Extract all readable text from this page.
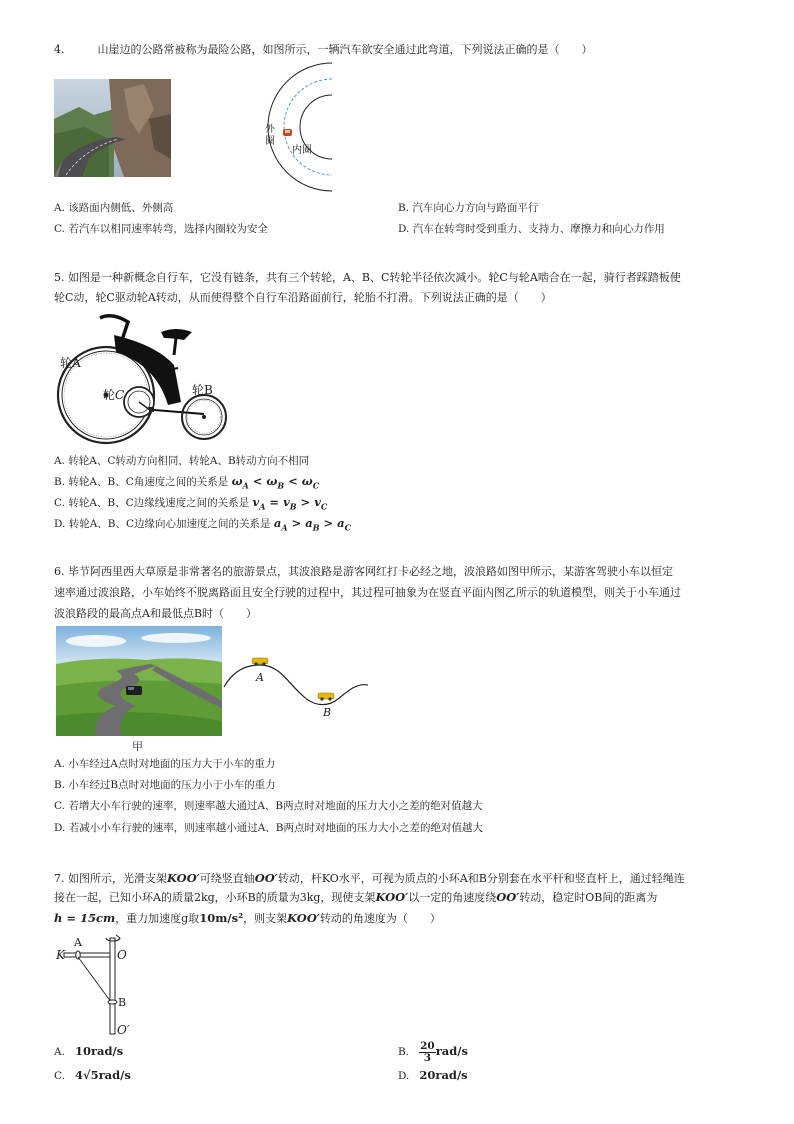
4.　　　山崖边的公路常被称为最险公路，如图所示，一辆汽车欲安全通过此弯道，下列说法正确的是（　　）
外圈
内圈
A. 该路面内侧低、外侧高	B. 汽车向心力方向与路面平行
C. 若汽车以相同速率转弯，选择内圈较为安全	D. 汽车在转弯时受到重力、支持力、摩擦力和向心力作用
5. 如图是一种新概念自行车，它没有链条，共有三个转轮，A、B、C转轮半径依次减小。轮C与轮A啮合在一起，骑行者踩踏板使
轮C动，轮C驱动轮A转动，从而使得整个自行车沿路面前行，轮胎不打滑。下列说法正确的是（　　）
轮A
轮B
轮C
A. 转轮A、C转动方向相同，转轮A、B转动方向不相同
B. 转轮A、B、C角速度之间的关系是 $\omega_A < \omega_B < \omega_C$
C. 转轮A、B、C边缘线速度之间的关系是 $v_A = v_B > v_C$
D. 转轮A、B、C边缘向心加速度之间的关系是 $a_A > a_B > a_C$
6. 毕节阿西里西大草原是非常著名的旅游景点，其波浪路是游客网红打卡必经之地，波浪路如图甲所示，某游客驾驶小车以恒定
速率通过波浪路，小车始终不脱离路面且安全行驶的过程中，其过程可抽象为在竖直平面内图乙所示的轨道模型，则关于小车通过
波浪路段的最高点A和最低点B时（　　）
甲
A
B
A. 小车经过A点时对地面的压力大于小车的重力
B. 小车经过B点时对地面的压力小于小车的重力
C. 若增大小车行驶的速率，则速率越大通过A、B两点时对地面的压力大小之差的绝对值越大
D. 若减小小车行驶的速率，则速率越小通过A、B两点时对地面的压力大小之差的绝对值越大
7. 如图所示，光滑支架KOO′可绕竖直轴OO′转动，杆KO水平，可视为质点的小环A和B分别套在水平杆和竖直杆上，通过轻绳连
接在一起，已知小环A的质量2kg，小环B的质量为3kg，现使支架KOO′以一定的角速度绕OO′转动，稳定时OB间的距离为
h = 15cm，重力加速度g取10m/s²，则支架KOO′转动的角速度为（　　）
A
K	O
B
O′
A. 10rad/s	B. $\frac{20}{3} rad/s$
C. 4√5rad/s	D. 20rad/s
